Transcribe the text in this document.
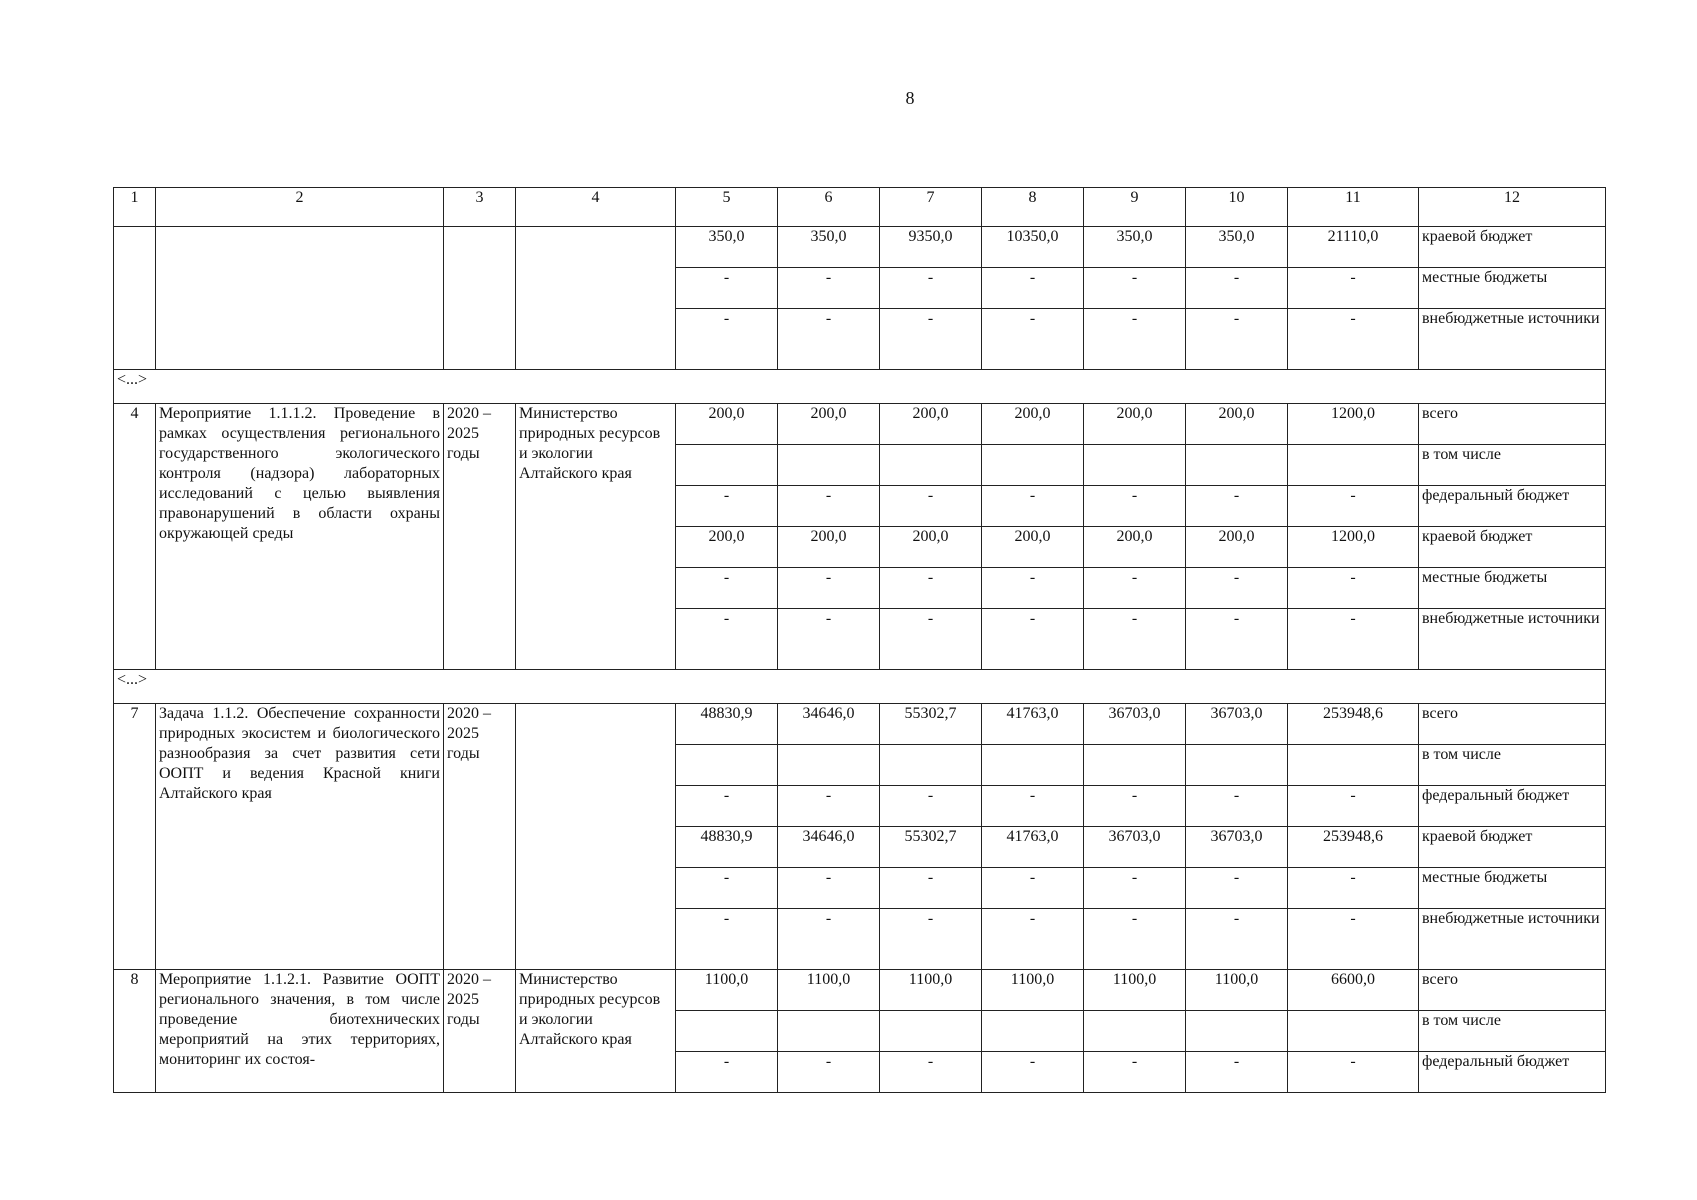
8
1	2	3	4	5	6	7	8	9	10	11	12
				350,0	350,0	9350,0	10350,0	350,0	350,0	21110,0	краевой бюджет
				-	-	-	-	-	-	-	местные бюджеты
				-	-	-	-	-	-	-	внебюджетные источники
<...>											
4	Мероприятие 1.1.1.2. Проведение в рамках осуществления регионального государственного экологического контроля (надзора) лабораторных исследований с целью выявления правонарушений в области охраны окружающей среды	2020 – 2025 годы	Министерство природных ресурсов и экологии Алтайского края	200,0	200,0	200,0	200,0	200,0	200,0	1200,0	всего
											в том числе
				-	-	-	-	-	-	-	федеральный бюджет
				200,0	200,0	200,0	200,0	200,0	200,0	1200,0	краевой бюджет
				-	-	-	-	-	-	-	местные бюджеты
				-	-	-	-	-	-	-	внебюджетные источники
<...>											
7	Задача 1.1.2. Обеспечение сохранности природных экосистем и биологического разнообразия за счет развития сети ООПТ и ведения Красной книги Алтайского края	2020 – 2025 годы		48830,9	34646,0	55302,7	41763,0	36703,0	36703,0	253948,6	всего
											в том числе
				-	-	-	-	-	-	-	федеральный бюджет
				48830,9	34646,0	55302,7	41763,0	36703,0	36703,0	253948,6	краевой бюджет
				-	-	-	-	-	-	-	местные бюджеты
				-	-	-	-	-	-	-	внебюджетные источники
8	Мероприятие 1.1.2.1. Развитие ООПТ регионального значения, в том числе проведение биотехнических мероприятий на этих территориях, мониторинг их состоя-	2020 – 2025 годы	Министерство природных ресурсов и экологии Алтайского края	1100,0	1100,0	1100,0	1100,0	1100,0	1100,0	6600,0	всего
											в том числе
				-	-	-	-	-	-	-	федеральный бюджет
